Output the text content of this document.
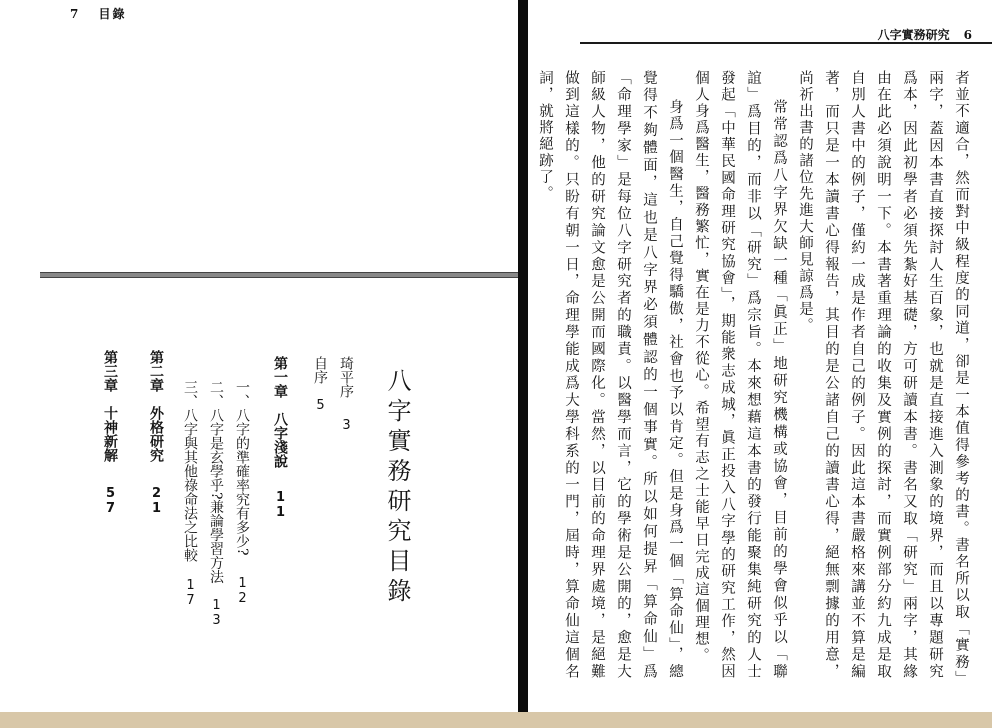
7 目錄
八字實務研究目錄
琦平序3
自序5
第一章　八字淺說11
一、八字的準確率究有多少?12
二、八字是玄學乎?兼論學習方法13
三、八字與其他祿命法之比較17
第二章　外格研究21
第三章　十神新解57
八字實務研究 6

者並不適合，然而對中級程度的同道，卻是一本值得參考的書。書名所以取「實務」兩字，蓋因本書直接探討人生百象，也就是直接進入測象的境界，而且以專題研究爲本，因此初學者必須先紮好基礎，方可研讀本書。書名又取「研究」兩字，其緣由在此必須說明一下。本書著重理論的收集及實例的探討，而實例部分約九成是取自別人書中的例子，僅約一成是作者自己的例子。因此這本書嚴格來講並不算是編著，而只是一本讀書心得報告，其目的是公諸自己的讀書心得，絕無剽據的用意，尚祈出書的諸位先進大師見諒爲是。

常常認爲八字界欠缺一種「眞正」地研究機構或協會，目前的學會似乎以「聯誼」爲目的，而非以「研究」爲宗旨。本來想藉這本書的發行能聚集純研究的人士發起「中華民國命理研究協會」，期能衆志成城，眞正投入八字學的研究工作，然因個人身爲醫生，醫務繁忙，實在是力不從心。希望有志之士能早日完成這個理想。

身爲一個醫生，自己覺得驕傲，社會也予以肯定。但是身爲一個「算命仙」，總覺得不夠體面，這也是八字界必須體認的一個事實。所以如何提昇「算命仙」爲「命理學家」是每位八字研究者的職責。以醫學而言，它的學術是公開的，愈是大師級人物，他的研究論文愈是公開而國際化。當然，以目前的命理界處境，是絕難做到這樣的。只盼有朝一日，命理學能成爲大學科系的一門，屆時，算命仙這個名詞，就將絕跡了。
